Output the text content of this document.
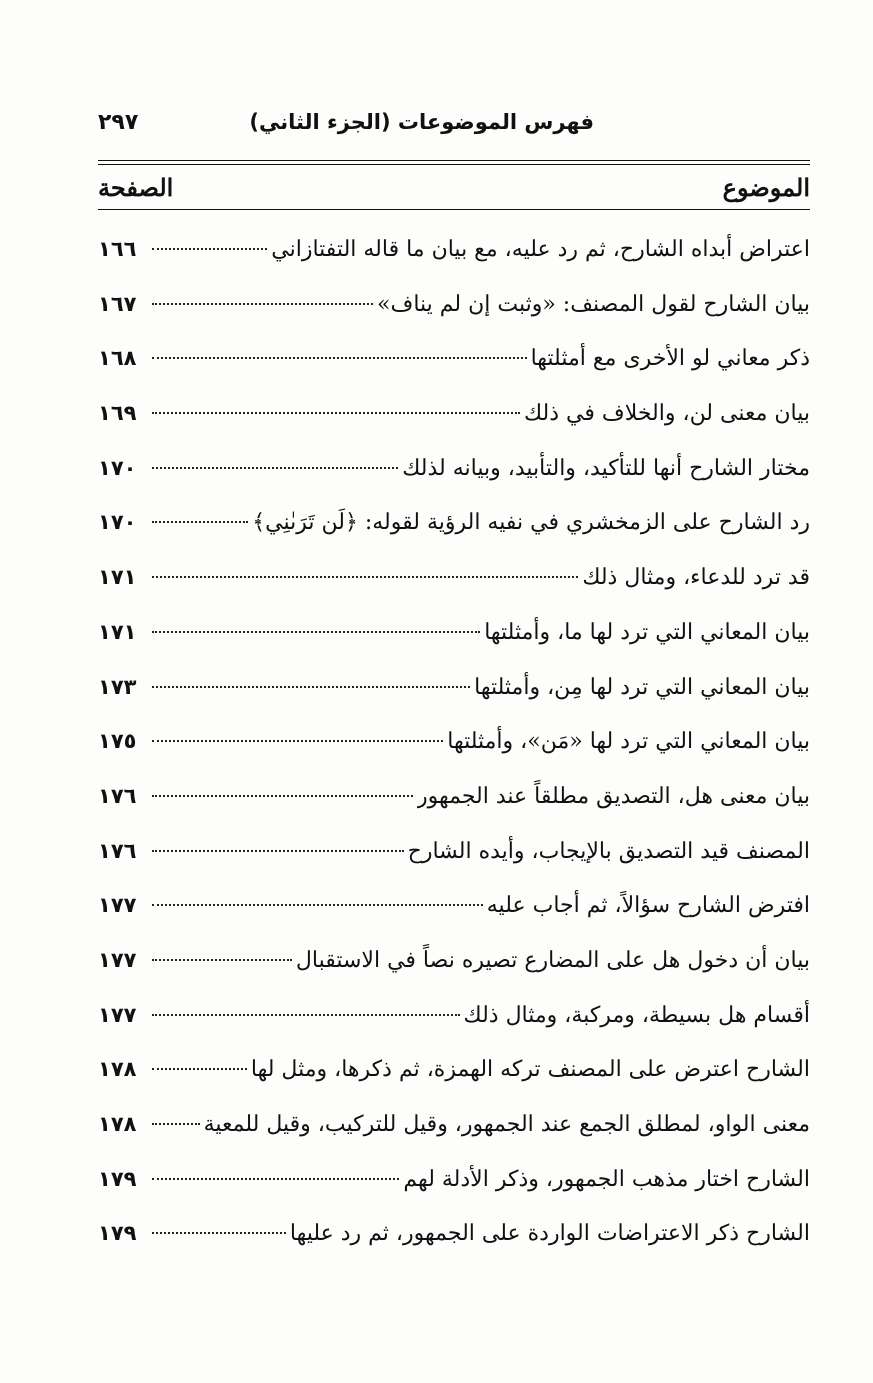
فهرس الموضوعات (الجزء الثاني)
٢٩٧
الموضوع
الصفحة
اعتراض أبداه الشارح، ثم رد عليه، مع بيان ما قاله التفتازاني
١٦٦
بيان الشارح لقول المصنف: «وثبت إن لم يناف»
١٦٧
ذكر معاني لو الأخرى مع أمثلتها
١٦٨
بيان معنى لن، والخلاف في ذلك
١٦٩
مختار الشارح أنها للتأكيد، والتأبيد، وبيانه لذلك
١٧٠
رد الشارح على الزمخشري في نفيه الرؤية لقوله: ﴿لَن تَرَىٰنِي﴾
١٧٠
قد ترد للدعاء، ومثال ذلك
١٧١
بيان المعاني التي ترد لها ما، وأمثلتها
١٧١
بيان المعاني التي ترد لها مِن، وأمثلتها
١٧٣
بيان المعاني التي ترد لها «مَن»، وأمثلتها
١٧٥
بيان معنى هل، التصديق مطلقاً عند الجمهور
١٧٦
المصنف قيد التصديق بالإيجاب، وأيده الشارح
١٧٦
افترض الشارح سؤالاً، ثم أجاب عليه
١٧٧
بيان أن دخول هل على المضارع تصيره نصاً في الاستقبال
١٧٧
أقسام هل بسيطة، ومركبة، ومثال ذلك
١٧٧
الشارح اعترض على المصنف تركه الهمزة، ثم ذكرها، ومثل لها
١٧٨
معنى الواو، لمطلق الجمع عند الجمهور، وقيل للتركيب، وقيل للمعية
١٧٨
الشارح اختار مذهب الجمهور، وذكر الأدلة لهم
١٧٩
الشارح ذكر الاعتراضات الواردة على الجمهور، ثم رد عليها
١٧٩
